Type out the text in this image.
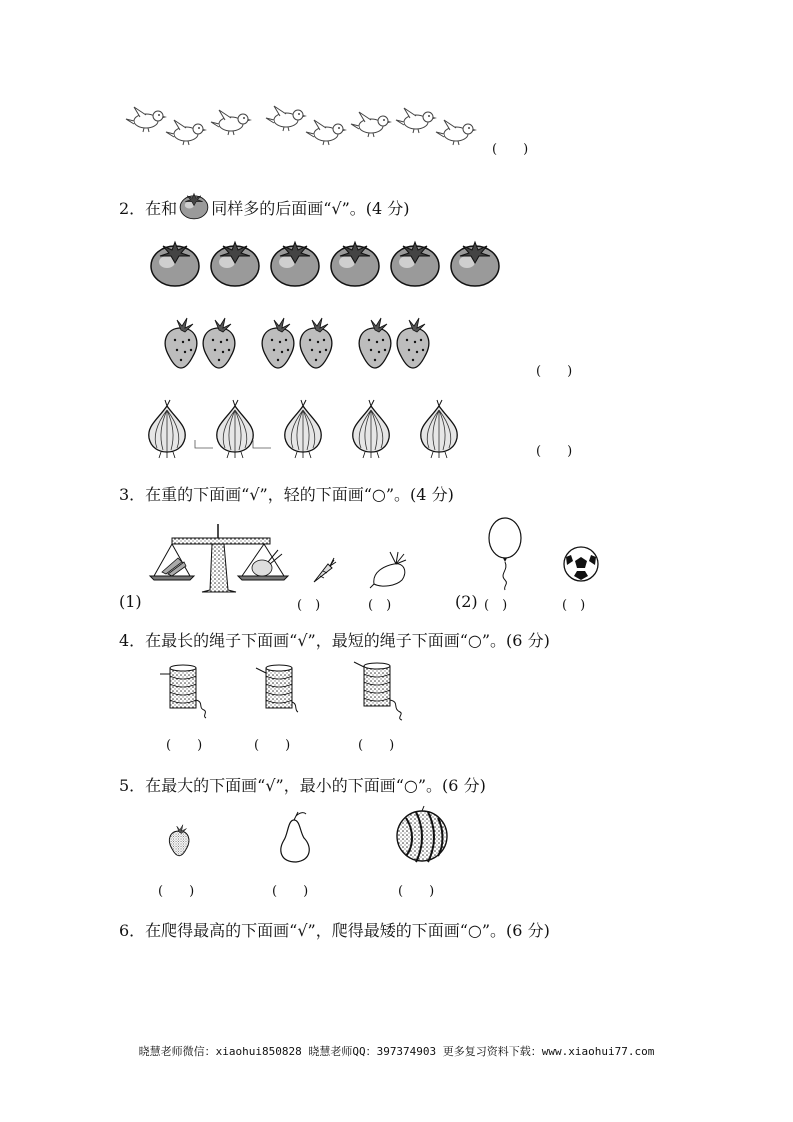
(　　)
2．在和 同样多的后面画“√”。(4 分)
(　　)
(　　)
3．在重的下面画“√”，轻的下面画“○”。(4 分)
(1)	(　)	(　)	(2) (　)	(　)
4．在最长的绳子下面画“√”，最短的绳子下面画“○”。(6 分)
(　　)	(　　)	(　　)
5．在最大的下面画“√”，最小的下面画“○”。(6 分)
(　　)	(　　)	(　　)
6．在爬得最高的下面画“√”，爬得最矮的下面画“○”。(6 分)
晓慧老师微信：xiaohui850828 晓慧老师QQ：397374903 更多复习资料下载：www.xiaohui77.com
